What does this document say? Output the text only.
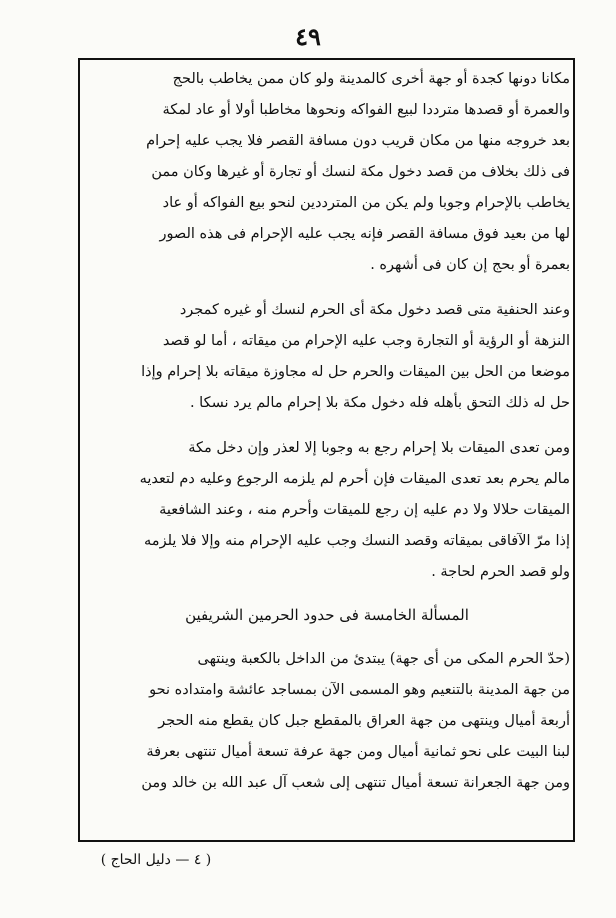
٤٩

مكانا دونها كجدة أو جهة أخرى كالمدينة ولو كان ممن يخاطب بالحج

والعمرة أو قصدها مترددا لبيع الفواكه ونحوها مخاطبا أولا أو عاد لمكة

بعد خروجه منها من مكان قريب دون مسافة القصر فلا يجب عليه إحرام

فى ذلك بخلاف من قصد دخول مكة لنسك أو تجارة أو غيرها وكان ممن

يخاطب بالإحرام وجوبا ولم يكن من المترددين لنحو بيع الفواكه أو عاد

لها من بعيد فوق مسافة القصر فإنه يجب عليه الإحرام فى هذه الصور

بعمرة أو بحج إن كان فى أشهره .

وعند الحنفية متى قصد دخول مكة أى الحرم لنسك أو غيره كمجرد

النزهة أو الرؤية أو التجارة وجب عليه الإحرام من ميقاته ، أما لو قصد

موضعا من الحل بين الميقات والحرم حل له مجاوزة ميقاته بلا إحرام وإذا

حل له ذلك التحق بأهله فله دخول مكة بلا إحرام مالم يرد نسكا .

ومن تعدى الميقات بلا إحرام رجع به وجوبا إلا لعذر وإن دخل مكة

مالم يحرم بعد تعدى الميقات فإن أحرم لم يلزمه الرجوع وعليه دم لتعديه

الميقات حلالا ولا دم عليه إن رجع للميقات وأحرم منه ، وعند الشافعية

إذا مرّ الآفاقى بميقاته وقصد النسك وجب عليه الإحرام منه وإلا فلا يلزمه

ولو قصد الحرم لحاجة .

المسألة الخامسة فى حدود الحرمين الشريفين

(حدّ الحرم المكى من أى جهة) يبتدئ من الداخل بالكعبة وينتهى

من جهة المدينة بالتنعيم وهو المسمى الآن بمساجد عائشة وامتداده نحو

أربعة أميال وينتهى من جهة العراق بالمقطع جبل كان يقطع منه الحجر

لبنا البيت على نحو ثمانية أميال ومن جهة عرفة تسعة أميال تنتهى بعرفة

ومن جهة الجعرانة تسعة أميال تنتهى إلى شعب آل عبد الله بن خالد ومن

( ٤ — دليل الحاج )
